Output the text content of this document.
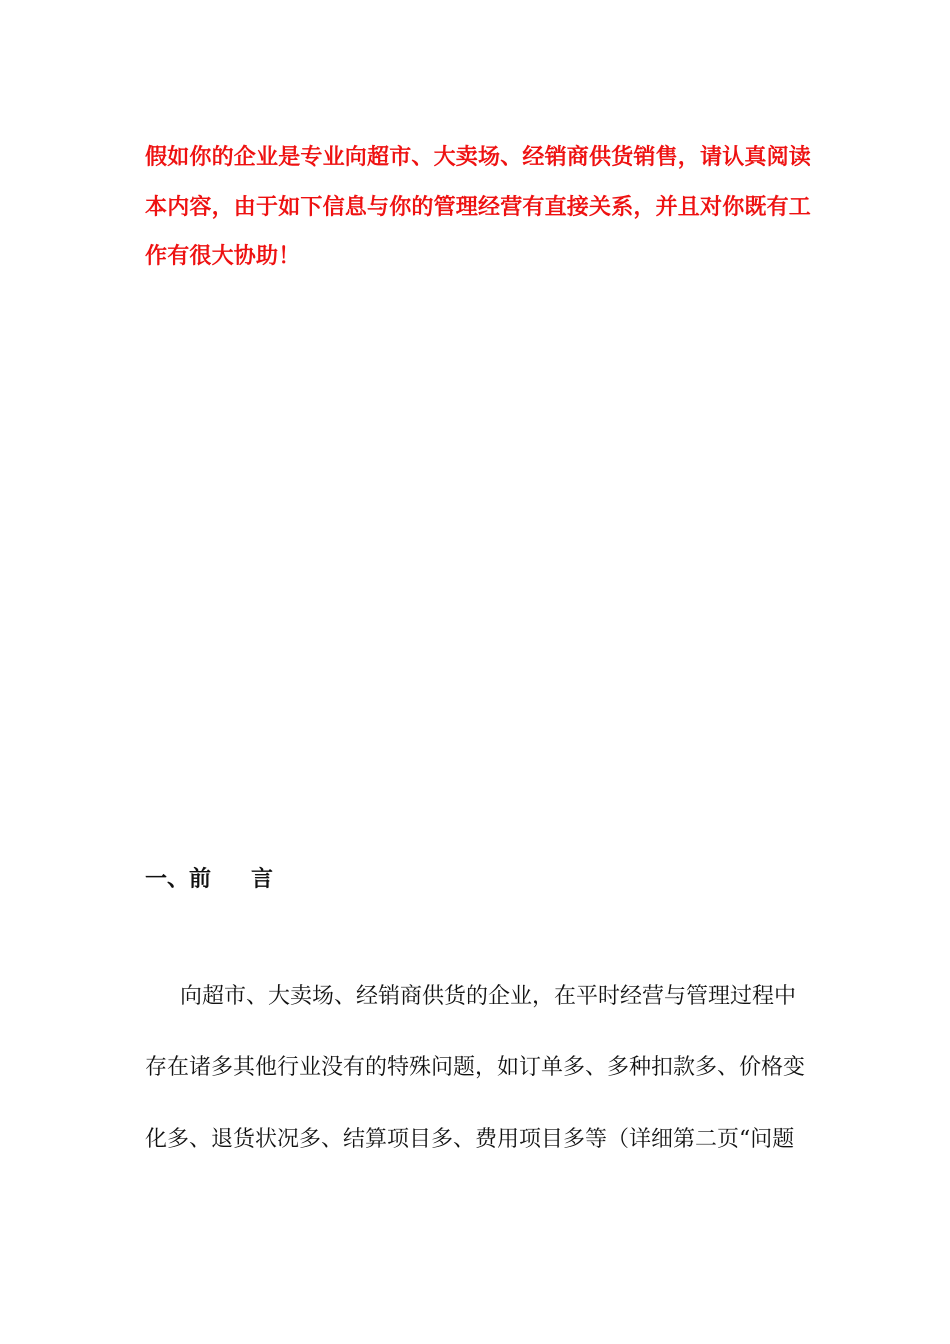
假如你的企业是专业向超市、大卖场、经销商供货销售，请认真阅读
本内容，由于如下信息与你的管理经营有直接关系，并且对你既有工
作有很大协助！
一、前 言
向超市、大卖场、经销商供货的企业，在平时经营与管理过程中
存在诸多其他行业没有的特殊问题，如订单多、多种扣款多、价格变
化多、退货状况多、结算项目多、费用项目多等（详细第二页“问题
